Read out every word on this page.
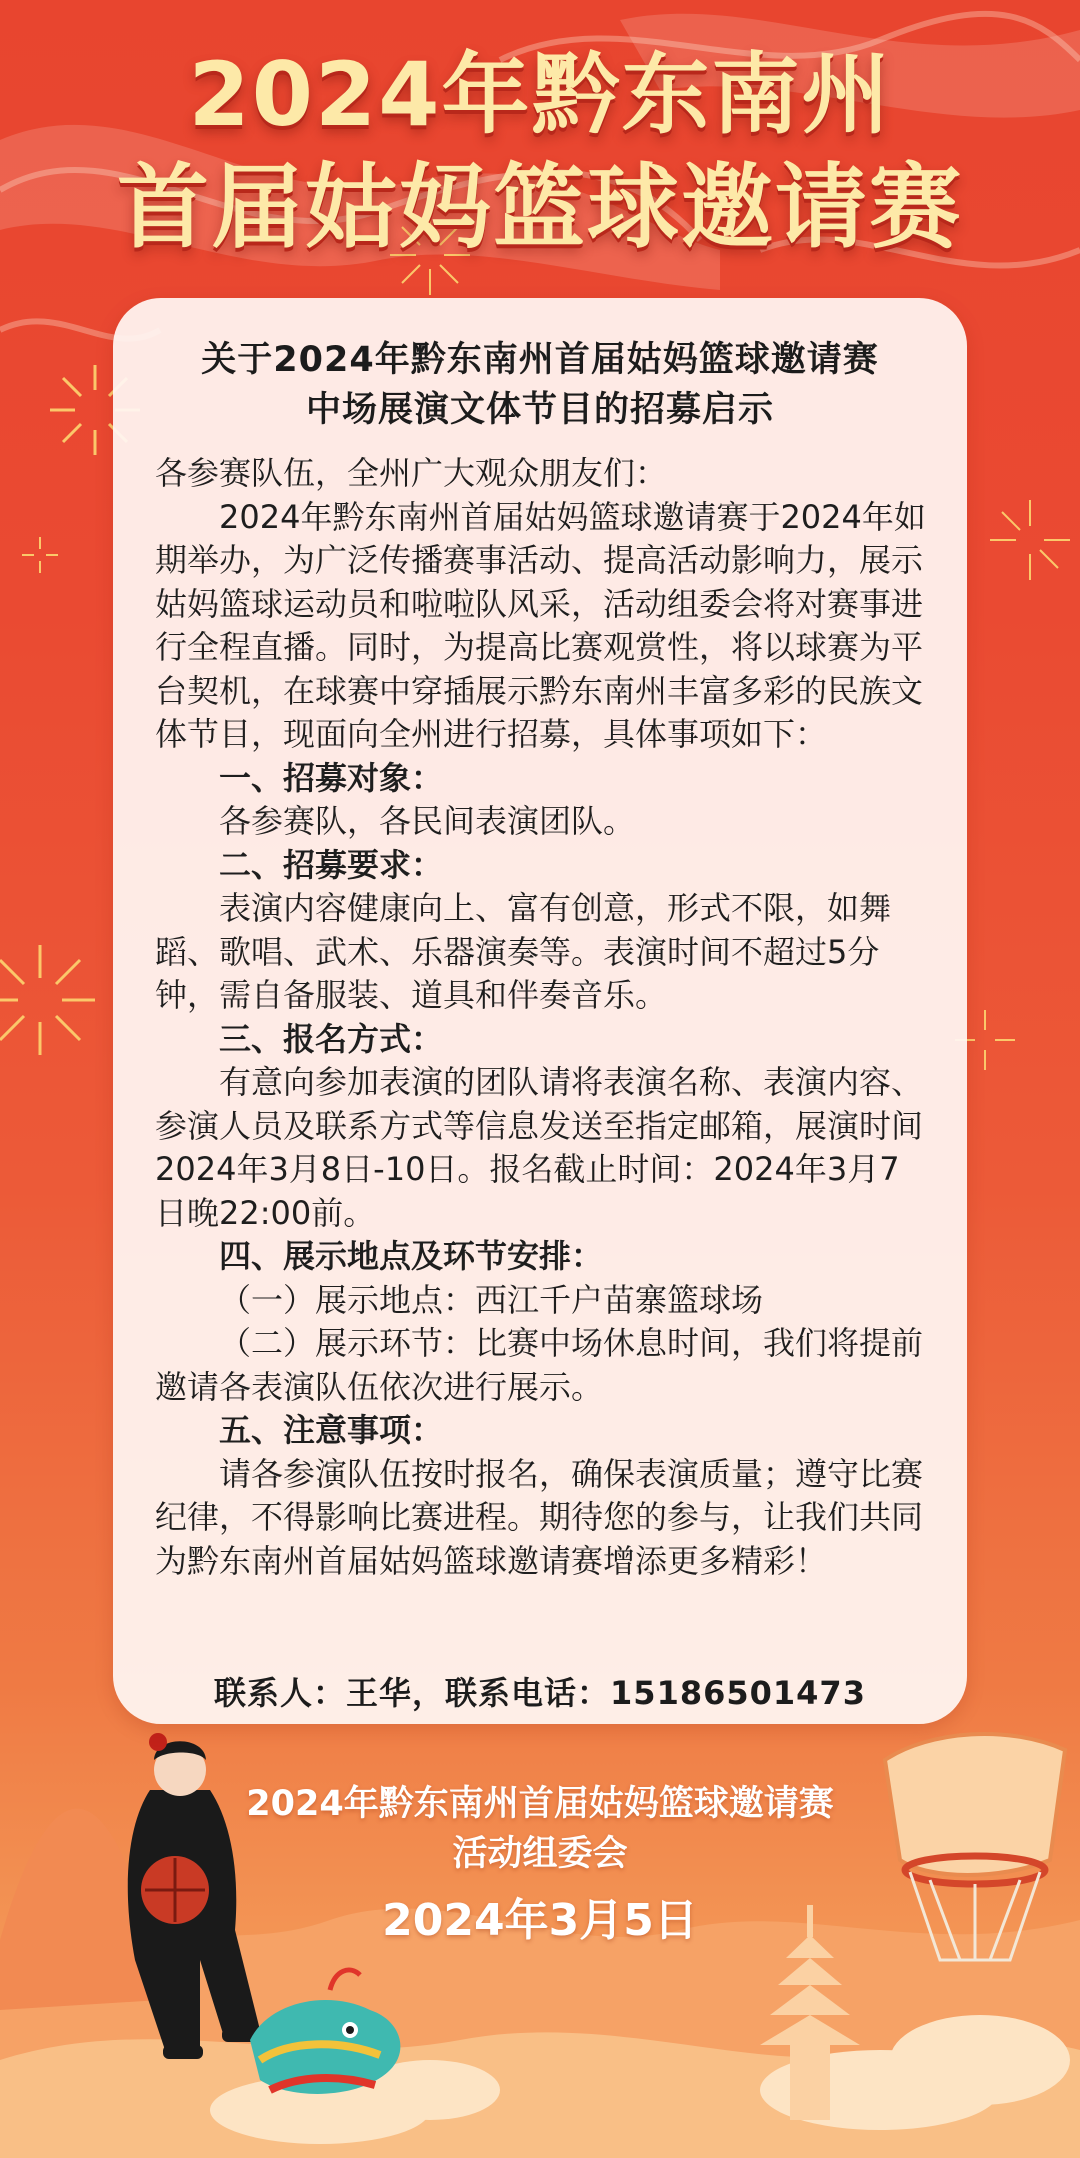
2024年黔东南州
首届姑妈篮球邀请赛
关于2024年黔东南州首届姑妈篮球邀请赛
中场展演文体节目的招募启示

各参赛队伍，全州广大观众朋友们：

2024年黔东南州首届姑妈篮球邀请赛于2024年如期举办，为广泛传播赛事活动、提高活动影响力，展示姑妈篮球运动员和啦啦队风采，活动组委会将对赛事进行全程直播。同时，为提高比赛观赏性，将以球赛为平台契机，在球赛中穿插展示黔东南州丰富多彩的民族文体节目，现面向全州进行招募，具体事项如下：

一、招募对象：

各参赛队，各民间表演团队。

二、招募要求：

表演内容健康向上、富有创意，形式不限，如舞蹈、歌唱、武术、乐器演奏等。表演时间不超过5分钟，需自备服装、道具和伴奏音乐。

三、报名方式：

有意向参加表演的团队请将表演名称、表演内容、参演人员及联系方式等信息发送至指定邮箱，展演时间2024年3月8日-10日。报名截止时间：2024年3月7日晚22:00前。

四、展示地点及环节安排：

（一）展示地点：西江千户苗寨篮球场

（二）展示环节：比赛中场休息时间，我们将提前邀请各表演队伍依次进行展示。

五、注意事项：

请各参演队伍按时报名，确保表演质量；遵守比赛纪律，不得影响比赛进程。期待您的参与，让我们共同为黔东南州首届姑妈篮球邀请赛增添更多精彩！

联系人：王华，联系电话：15186501473
2024年黔东南州首届姑妈篮球邀请赛
活动组委会
2024年3月5日
